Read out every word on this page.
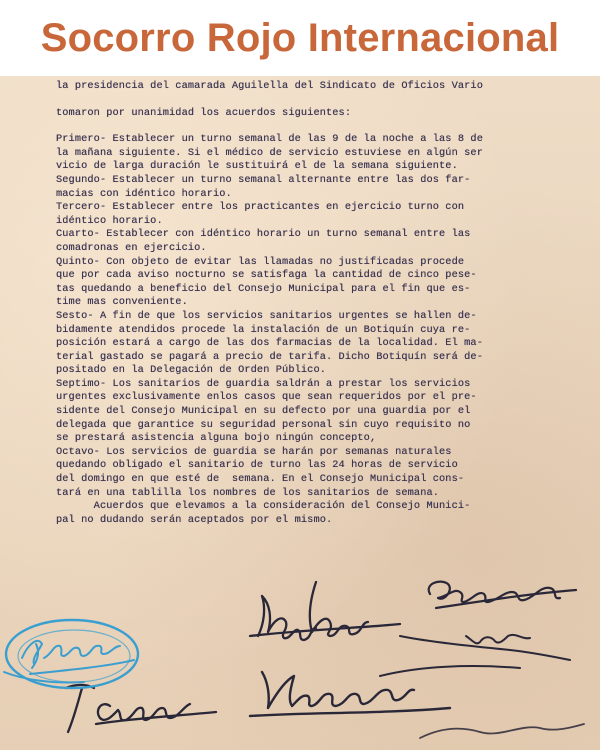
Socorro Rojo Internacional
la presidencia del camarada Aguilella del Sindicato de Oficios Vario
tomaron por unanimidad los acuerdos siguientes:
Primero- Establecer un turno semanal de las 9 de la noche a las 8 de
la mañana siguiente. Si el médico de servicio estuviese en algún ser
vicio de larga duración le sustituirá el de la semana siguiente.
Segundo- Establecer un turno semanal alternante entre las dos far-
macias con idéntico horario.
Tercero- Establecer entre los practicantes en ejercicio turno con
idéntico horario.
Cuarto- Establecer con idéntico horario un turno semanal entre las
comadronas en ejercicio.
Quinto- Con objeto de evitar las llamadas no justificadas procede
que por cada aviso nocturno se satisfaga la cantidad de cinco pese-
tas quedando a beneficio del Consejo Municipal para el fin que es-
time mas conveniente.
Sesto- A fin de que los servicios sanitarios urgentes se hallen de-
bidamente atendidos procede la instalación de un Botiquín cuya re-
posición estará a cargo de las dos farmacias de la localidad. El ma-
terial gastado se pagará a precio de tarifa. Dicho Botiquín será de-
positado en la Delegación de Orden Público.
Septimo- Los sanitarios de guardia saldrán a prestar los servicios
urgentes exclusivamente enlos casos que sean requeridos por el pre-
sidente del Consejo Municipal en su defecto por una guardia por el
delegada que garantice su seguridad personal sin cuyo requisito no
se prestará asistencia alguna bojo ningún concepto,
Octavo- Los servicios de guardia se harán por semanas naturales
quedando obligado el sanitario de turno las 24 horas de servicio
del domingo en que esté de  semana. En el Consejo Municipal cons-
tará en una tablilla los nombres de los sanitarios de semana.
Acuerdos que elevamos a la consideración del Consejo Munici-
pal no dudando serán aceptados por el mismo.
